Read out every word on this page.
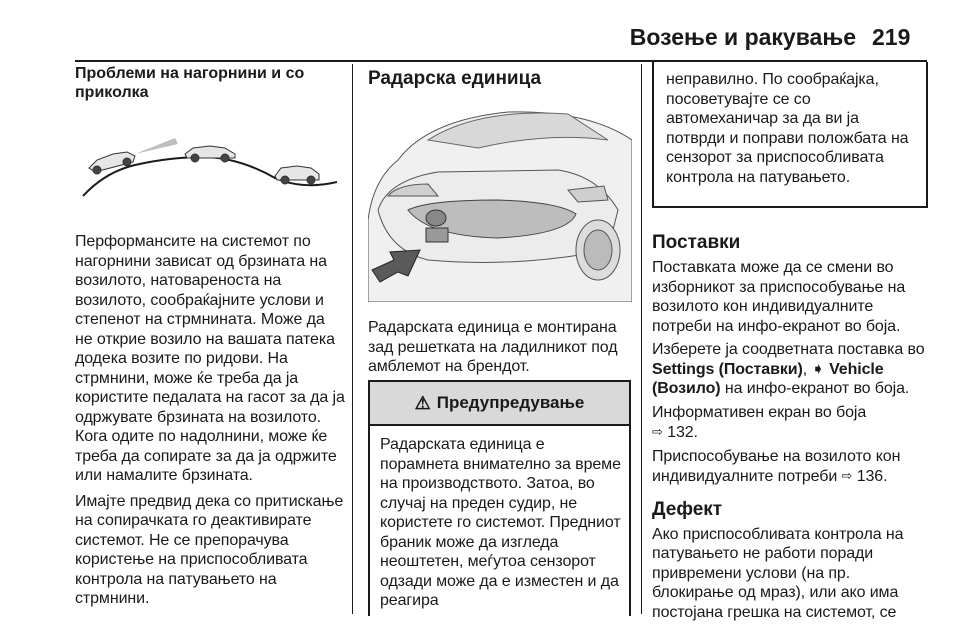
Возење и ракување 219

Проблеми на нагорнини и со приколка

Перформансите на системот по нагорнини зависат од брзината на возилото, натовареноста на возилото, сообраќајните услови и степенот на стрмнината. Може да не открие возило на вашата патека додека возите по ридови. На стрмнини, може ќе треба да ја користите педалата на гасот за да ја одржувате брзината на возилото. Кога одите по надолнини, може ќе треба да сопирате за да ја одржите или намалите брзината.

Имајте предвид дека со притискање на сопирачката го деактивирате системот. Не се препорачува користење на приспособливата контрола на патувањето на стрмнини.

Радарска единица

Радарската единица е монтирана зад решетката на ладилникот под амблемот на брендот.

⚠ Предупредување

Радарската единица е порамнета внимателно за време на производството. Затоа, во случај на преден судир, не користете го системот. Предниот браник може да изгледа неоштетен, меѓутоа сензорот одзади може да е изместен и да реагира

неправилно. По сообраќајка, посоветувајте се со автомеханичар за да ви ја потврди и поправи положбата на сензорот за приспособливата контрола на патувањето.

Поставки

Поставката може да се смени во изборникот за приспособување на возилото кон индивидуалните потреби на инфо-екранот во боја.

Изберете ја соодветната поставка во Settings (Поставки), ➧ Vehicle (Возило) на инфо-екранот во боја.

Информативен екран во боја
⇨ 132.

Приспособување на возилото кон индивидуалните потреби ⇨ 136.

Дефект

Ако приспособливата контрола на патувањето не работи поради привремени услови (на пр. блокирање од мраз), или ако има постојана грешка на системот, се
